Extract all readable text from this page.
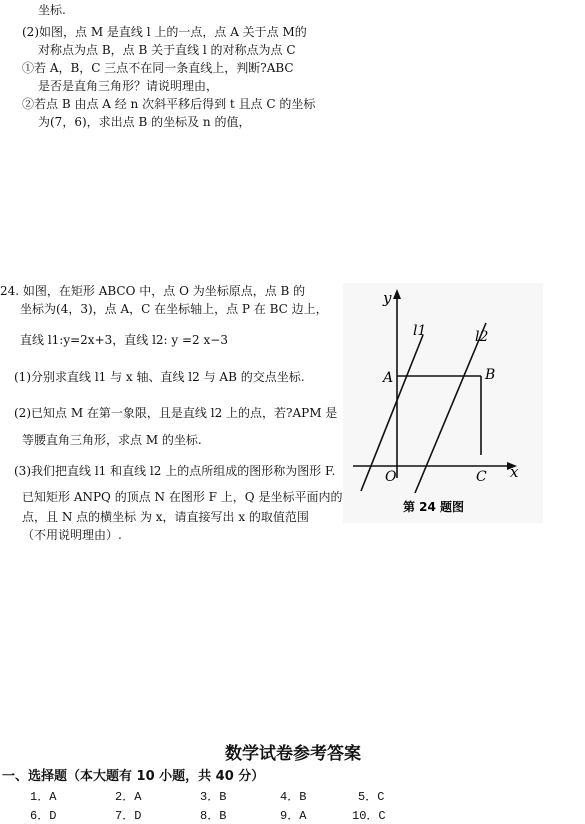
坐标.
(2)如图，点 M 是直线 l 上的一点，点 A 关于点 M的
对称点为点 B，点 B 关于直线 l 的对称点为点 C
①若 A，B，C 三点不在同一条直线上，判断?ABC
是否是直角三角形？请说明理由，
②若点 B 由点 A 经 n 次斜平移后得到 t 且点 C 的坐标
为(7，6)，求出点 B 的坐标及 n 的值，
24. 如图，在矩形 ABCO 中，点 O 为坐标原点，点 B 的
坐标为(4，3)，点 A，C 在坐标轴上，点 P 在 BC 边上，
直线 l1:y=2x+3，直线 l2: y =2 x−3
(1)分别求直线 l1 与 x 轴、直线 l2 与 AB 的交点坐标.
(2)已知点 M 在第一象限，且是直线 l2 上的点，若?APM 是
等腰直角三角形，求点 M 的坐标.
(3)我们把直线 l1 和直线 l2 上的点所组成的图形称为图形 F.
已知矩形 ANPQ 的顶点 N 在图形 F 上，Q 是坐标平面内的
点，且 N 点的横坐标 为 x，请直接写出 x 的取值范围
（不用说明理由）.
y
x
l1	l2
A	B
O	C
第 24 题图
数学试卷参考答案
一、选择题（本大题有 10 小题，共 40 分）
1．A	2．A	3．B	4．B	5．C
6．D	7．D	8．B	9．A	10．C
